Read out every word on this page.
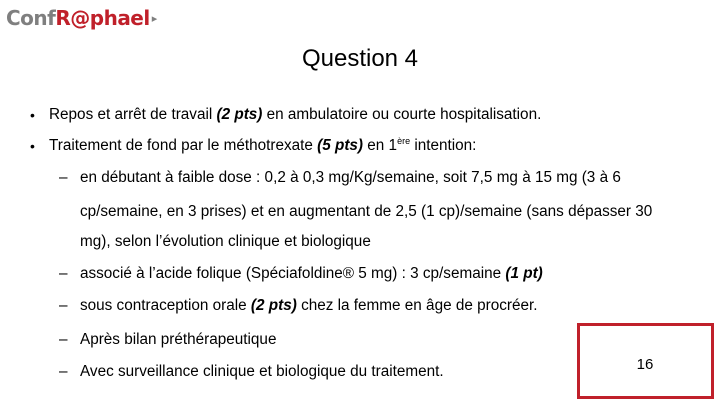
Conf R@phael ▸
Question 4
• Repos et arrêt de travail (2 pts) en ambulatoire ou courte hospitalisation.
• Traitement de fond par le méthotrexate (5 pts) en 1ère intention:
– en débutant à faible dose : 0,2 à 0,3 mg/Kg/semaine, soit 7,5 mg à 15 mg (3 à 6
cp/semaine, en 3 prises) et en augmentant de 2,5 (1 cp)/semaine (sans dépasser 30
mg), selon l’évolution clinique et biologique
– associé à l’acide folique (Spéciafoldine® 5 mg) : 3 cp/semaine (1 pt)
– sous contraception orale (2 pts) chez la femme en âge de procréer.
– Après bilan préthérapeutique
– Avec surveillance clinique et biologique du traitement.	16
